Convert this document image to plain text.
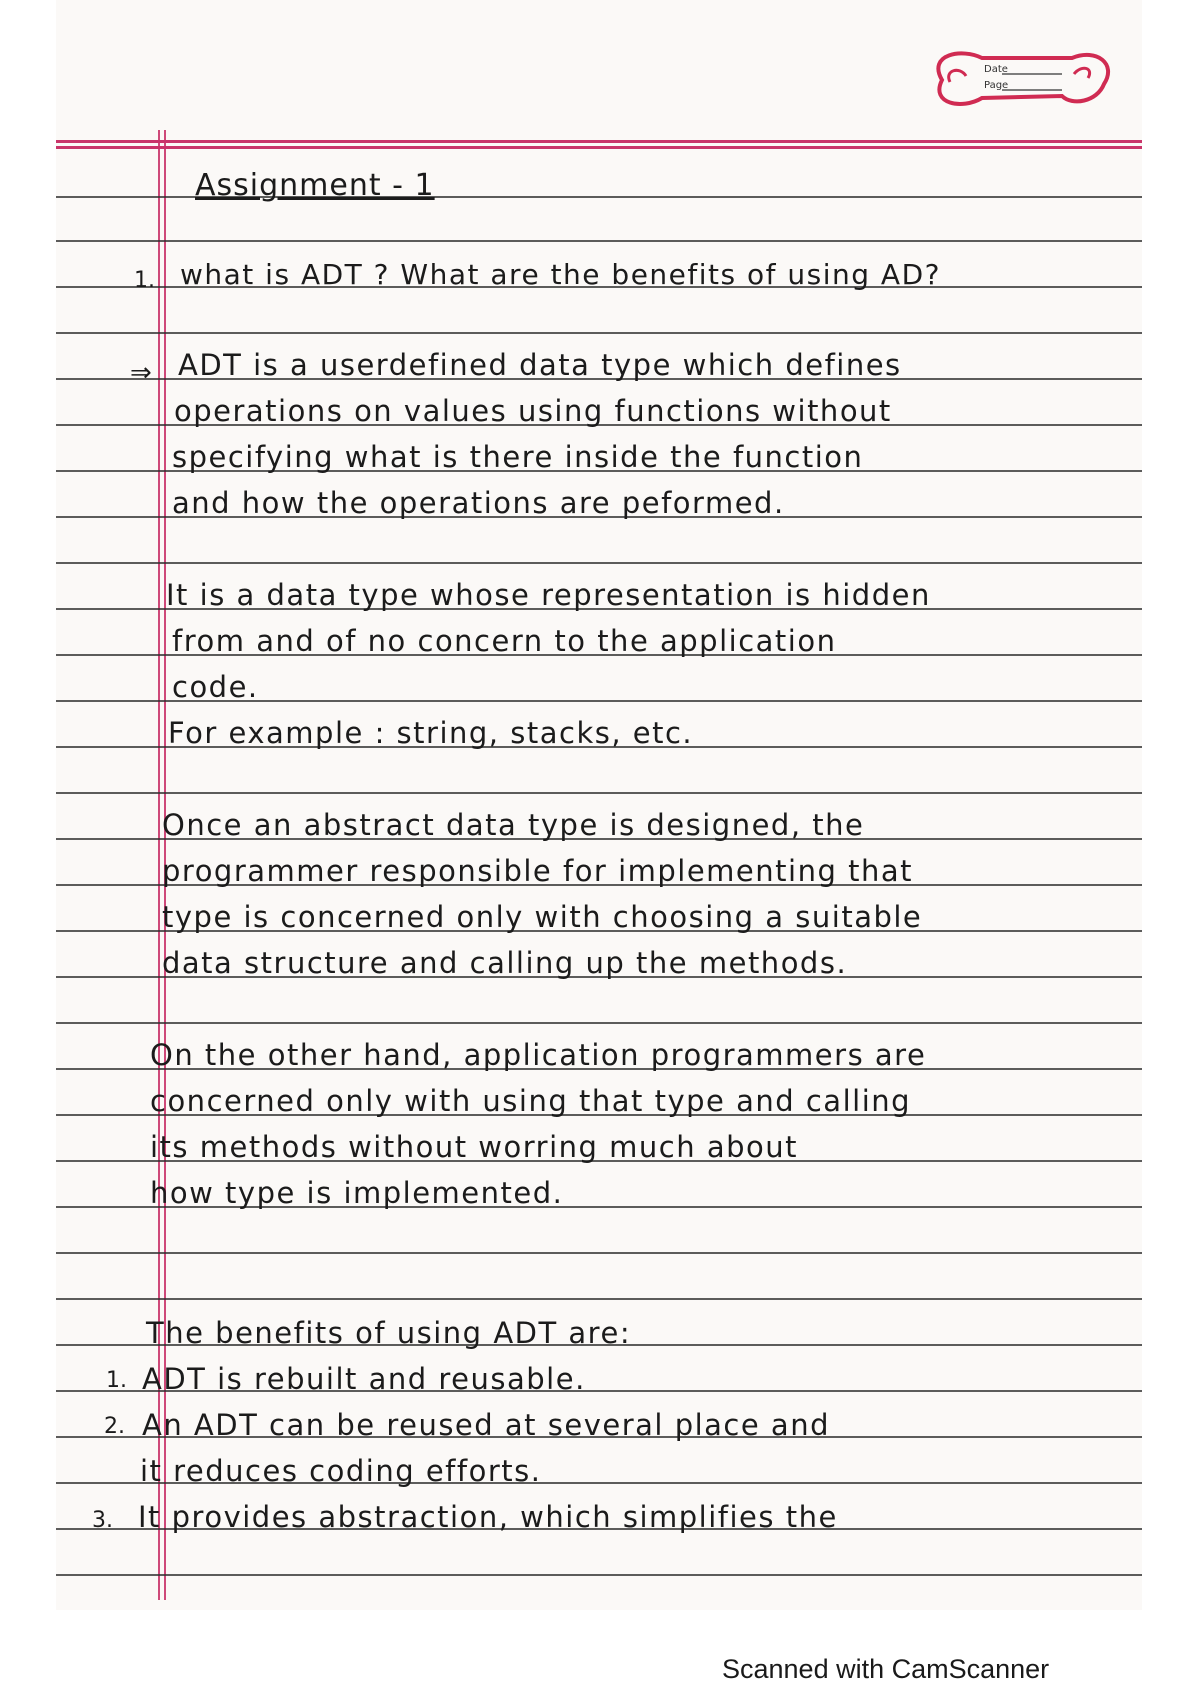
Date
Page
Assignment - 1
1. what is ADT ? What are the benefits of using AD?
⇒ ADT is a userdefined data type which defines
operations on values using functions without
specifying what is there inside the function
and how the operations are peformed.
It is a data type whose representation is hidden
from and of no concern to the application
code.
For example : string, stacks, etc.
Once an abstract data type is designed, the
programmer responsible for implementing that
type is concerned only with choosing a suitable
data structure and calling up the methods.
On the other hand, application programmers are
concerned only with using that type and calling
its methods without worring much about
how type is implemented.
The benefits of using ADT are:
1. ADT is rebuilt and reusable.
2. An ADT can be reused at several place and
it reduces coding efforts.
3. It provides abstraction, which simplifies the
Scanned with CamScanner
